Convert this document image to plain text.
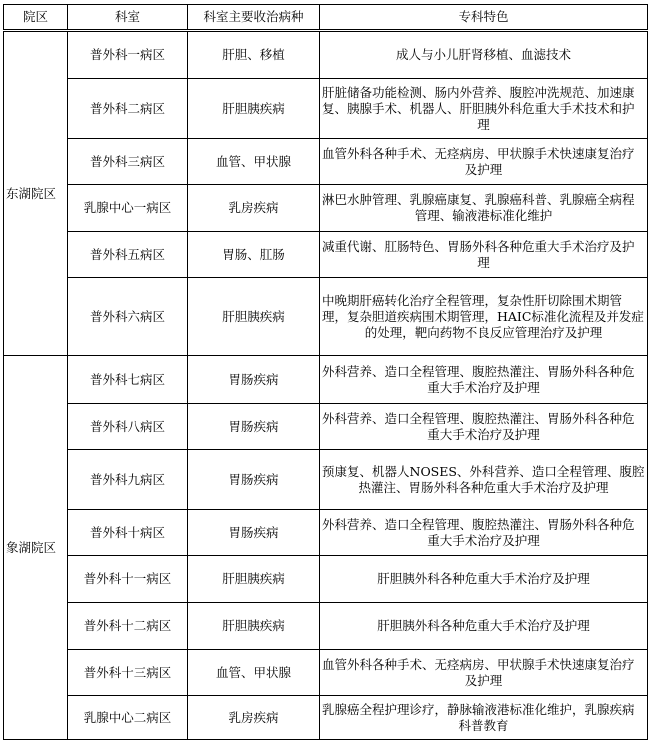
院区	科室	科室主要收治病种	专科特色
东湖院区	普外科一病区	肝胆、移植	成人与小儿肝肾移植、血滤技术
	普外科二病区	肝胆胰疾病	肝脏储备功能检测、肠内外营养、腹腔冲洗规范、加速康复、胰腺手术、机器人、肝胆胰外科危重大手术技术和护理
	普外科三病区	血管、甲状腺	血管外科各种手术、无痉病房、甲状腺手术快速康复治疗及护理
	乳腺中心一病区	乳房疾病	淋巴水肿管理、乳腺癌康复、乳腺癌科普、乳腺癌全病程管理、输液港标准化维护
	普外科五病区	胃肠、肛肠	减重代谢、肛肠特色、胃肠外科各种危重大手术治疗及护理
	普外科六病区	肝胆胰疾病	中晚期肝癌转化治疗全程管理，复杂性肝切除围术期管理，复杂胆道疾病围术期管理，HAIC标准化流程及并发症的处理，靶向药物不良反应管理治疗及护理
象湖院区	普外科七病区	胃肠疾病	外科营养、造口全程管理、腹腔热灌注、胃肠外科各种危重大手术治疗及护理
	普外科八病区	胃肠疾病	外科营养、造口全程管理、腹腔热灌注、胃肠外科各种危重大手术治疗及护理
	普外科九病区	胃肠疾病	预康复、机器人NOSES、外科营养、造口全程管理、腹腔热灌注、胃肠外科各种危重大手术治疗及护理
	普外科十病区	胃肠疾病	外科营养、造口全程管理、腹腔热灌注、胃肠外科各种危重大手术治疗及护理
	普外科十一病区	肝胆胰疾病	肝胆胰外科各种危重大手术治疗及护理
	普外科十二病区	肝胆胰疾病	肝胆胰外科各种危重大手术治疗及护理
	普外科十三病区	血管、甲状腺	血管外科各种手术、无痉病房、甲状腺手术快速康复治疗及护理
	乳腺中心二病区	乳房疾病	乳腺癌全程护理诊疗，静脉输液港标准化维护，乳腺疾病科普教育
